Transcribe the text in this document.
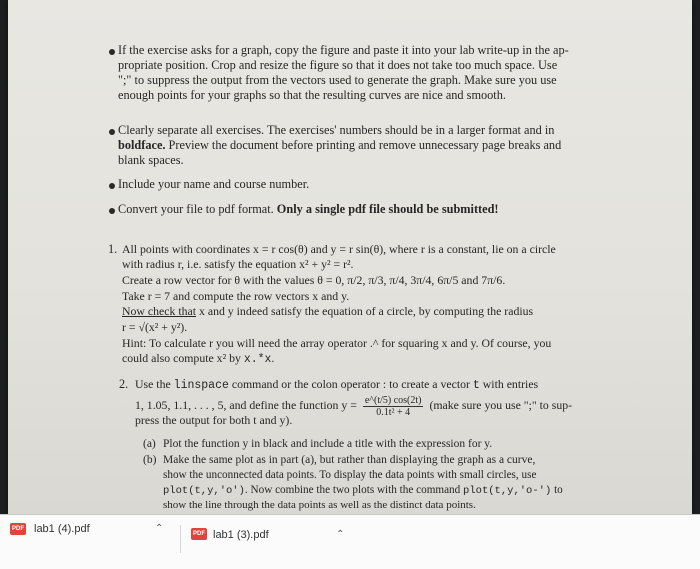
If the exercise asks for a graph, copy the figure and paste it into your lab write-up in the ap-
propriate position. Crop and resize the figure so that it does not take too much space. Use
";" to suppress the output from the vectors used to generate the graph. Make sure you use
enough points for your graphs so that the resulting curves are nice and smooth.
Clearly separate all exercises. The exercises' numbers should be in a larger format and in
boldface. Preview the document before printing and remove unnecessary page breaks and
blank spaces.
Include your name and course number.
Convert your file to pdf format. Only a single pdf file should be submitted!
1. All points with coordinates x = r cos(θ) and y = r sin(θ), where r is a constant, lie on a circle
with radius r, i.e. satisfy the equation x² + y² = r².
Create a row vector for θ with the values θ = 0, π/2, π/3, π/4, 3π/4, 6π/5 and 7π/6.
Take r = 7 and compute the row vectors x and y.
Now check that x and y indeed satisfy the equation of a circle, by computing the radius
r = √(x² + y²).
Hint: To calculate r you will need the array operator .^ for squaring x and y. Of course, you
could also compute x² by x.*x.
2. Use the linspace command or the colon operator : to create a vector t with entries
1, 1.05, 1.1, . . . , 5, and define the function $y = \frac{e\^{}(t/5) \cos(2t)}{\text{0.1t² + 4}}$ (make sure you use ";" to sup-
press the output for both t and y).
(a) Plot the function y in black and include a title with the expression for y.
(b) Make the same plot as in part (a), but rather than displaying the graph as a curve,
show the unconnected data points. To display the data points with small circles, use
plot(t,y,'o'). Now combine the two plots with the command plot(t,y,'o-') to
show the line through the data points as well as the distinct data points.
PDF lab1 (4).pdf	⌃	PDF lab1 (3).pdf	⌃
